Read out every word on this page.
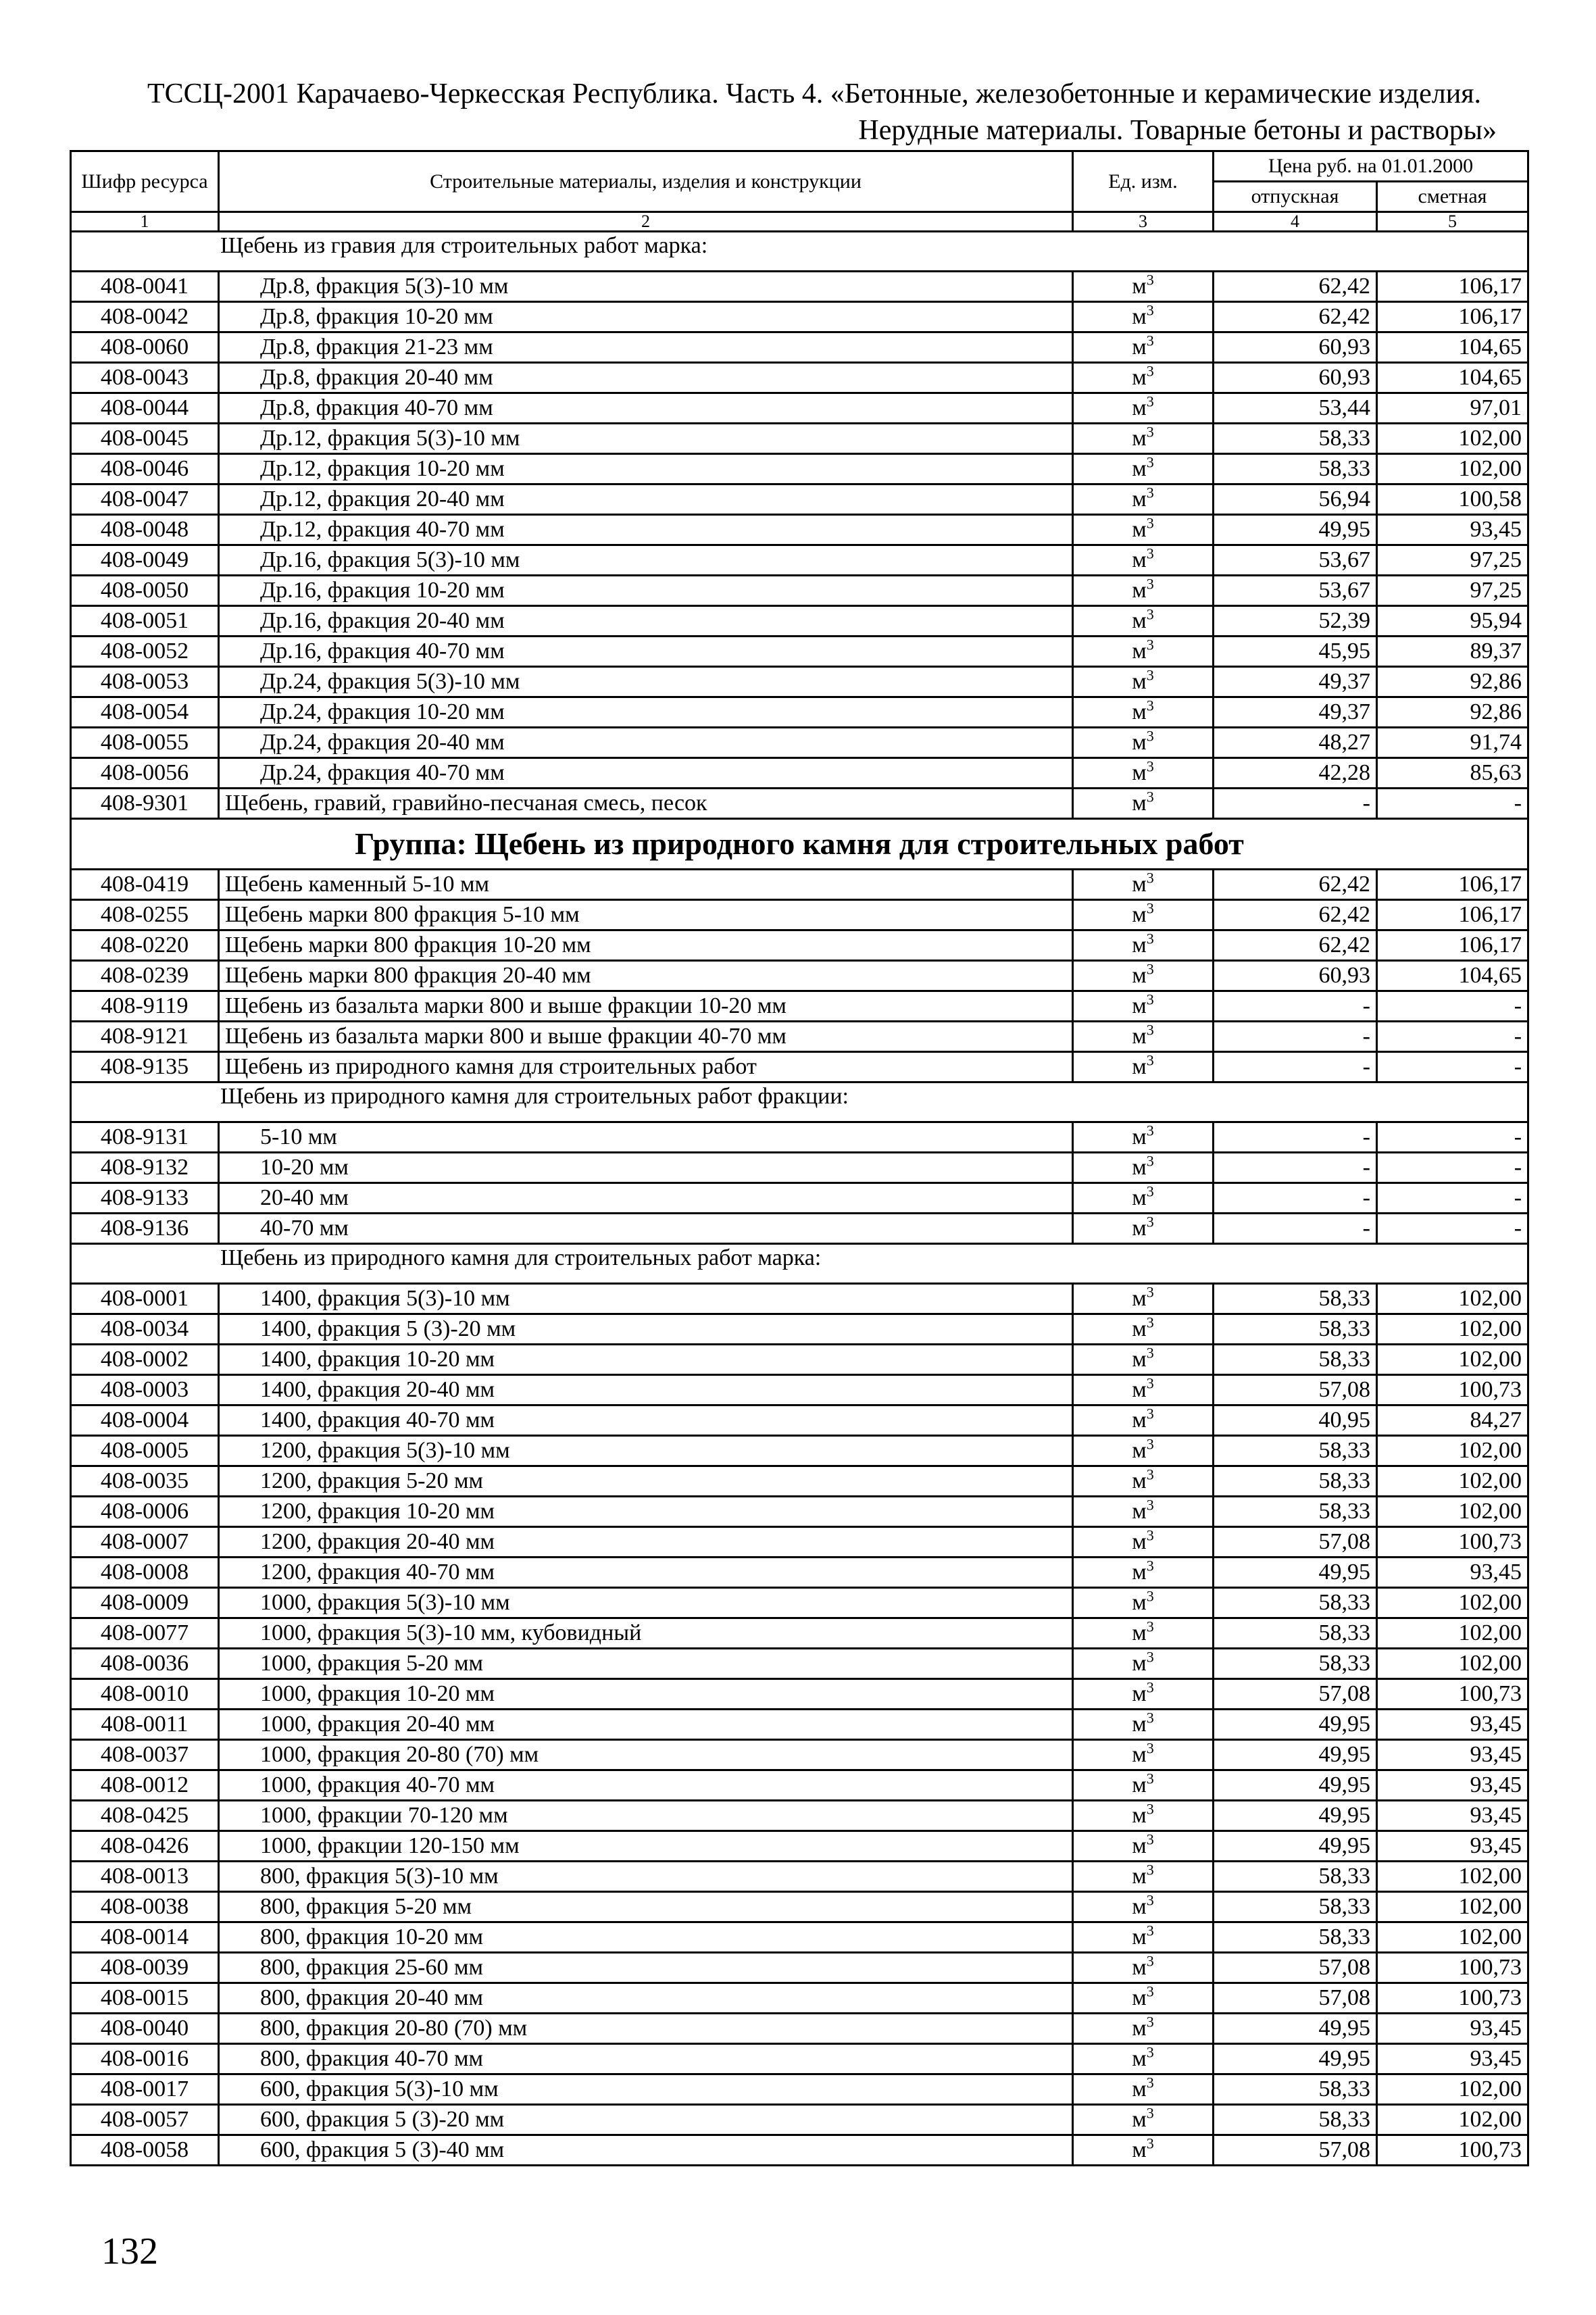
ТССЦ-2001 Карачаево-Черкесская Республика. Часть 4. «Бетонные, железобетонные и керамические изделия.
Нерудные материалы. Товарные бетоны и растворы»
Шифр ресурса	Строительные материалы, изделия и конструкции	Ед. изм.	Цена руб. на 01.01.2000	
			отпускная	сметная
1	2	3	4	5
Щебень из гравия для строительных работ марка:				
408-0041	Др.8, фракция 5(3)-10 мм	$м^3$	62,42	106,17
408-0042	Др.8, фракция 10-20 мм	$м^3$	62,42	106,17
408-0060	Др.8, фракция 21-23 мм	$м^3$	60,93	104,65
408-0043	Др.8, фракция 20-40 мм	$м^3$	60,93	104,65
408-0044	Др.8, фракция 40-70 мм	$м^3$	53,44	97,01
408-0045	Др.12, фракция 5(3)-10 мм	$м^3$	58,33	102,00
408-0046	Др.12, фракция 10-20 мм	$м^3$	58,33	102,00
408-0047	Др.12, фракция 20-40 мм	$м^3$	56,94	100,58
408-0048	Др.12, фракция 40-70 мм	$м^3$	49,95	93,45
408-0049	Др.16, фракция 5(3)-10 мм	$м^3$	53,67	97,25
408-0050	Др.16, фракция 10-20 мм	$м^3$	53,67	97,25
408-0051	Др.16, фракция 20-40 мм	$м^3$	52,39	95,94
408-0052	Др.16, фракция 40-70 мм	$м^3$	45,95	89,37
408-0053	Др.24, фракция 5(3)-10 мм	$м^3$	49,37	92,86
408-0054	Др.24, фракция 10-20 мм	$м^3$	49,37	92,86
408-0055	Др.24, фракция 20-40 мм	$м^3$	48,27	91,74
408-0056	Др.24, фракция 40-70 мм	$м^3$	42,28	85,63
408-9301	Щебень, гравий, гравийно-песчаная смесь, песок	$м^3$	-	-
Группа: Щебень из природного камня для строительных работ				
408-0419	Щебень каменный 5-10 мм	$м^3$	62,42	106,17
408-0255	Щебень марки 800 фракция 5-10 мм	$м^3$	62,42	106,17
408-0220	Щебень марки 800 фракция 10-20 мм	$м^3$	62,42	106,17
408-0239	Щебень марки 800 фракция 20-40 мм	$м^3$	60,93	104,65
408-9119	Щебень из базальта марки 800 и выше фракции 10-20 мм	$м^3$	-	-
408-9121	Щебень из базальта марки 800 и выше фракции 40-70 мм	$м^3$	-	-
408-9135	Щебень из природного камня для строительных работ	$м^3$	-	-
Щебень из природного камня для строительных работ фракции:				
408-9131	5-10 мм	$м^3$	-	-
408-9132	10-20 мм	$м^3$	-	-
408-9133	20-40 мм	$м^3$	-	-
408-9136	40-70 мм	$м^3$	-	-
Щебень из природного камня для строительных работ марка:				
408-0001	1400, фракция 5(3)-10 мм	$м^3$	58,33	102,00
408-0034	1400, фракция 5 (3)-20 мм	$м^3$	58,33	102,00
408-0002	1400, фракция 10-20 мм	$м^3$	58,33	102,00
408-0003	1400, фракция 20-40 мм	$м^3$	57,08	100,73
408-0004	1400, фракция 40-70 мм	$м^3$	40,95	84,27
408-0005	1200, фракция 5(3)-10 мм	$м^3$	58,33	102,00
408-0035	1200, фракция 5-20 мм	$м^3$	58,33	102,00
408-0006	1200, фракция 10-20 мм	$м^3$	58,33	102,00
408-0007	1200, фракция 20-40 мм	$м^3$	57,08	100,73
408-0008	1200, фракция 40-70 мм	$м^3$	49,95	93,45
408-0009	1000, фракция 5(3)-10 мм	$м^3$	58,33	102,00
408-0077	1000, фракция 5(3)-10 мм, кубовидный	$м^3$	58,33	102,00
408-0036	1000, фракция 5-20 мм	$м^3$	58,33	102,00
408-0010	1000, фракция 10-20 мм	$м^3$	57,08	100,73
408-0011	1000, фракция 20-40 мм	$м^3$	49,95	93,45
408-0037	1000, фракция 20-80 (70) мм	$м^3$	49,95	93,45
408-0012	1000, фракция 40-70 мм	$м^3$	49,95	93,45
408-0425	1000, фракции 70-120 мм	$м^3$	49,95	93,45
408-0426	1000, фракции 120-150 мм	$м^3$	49,95	93,45
408-0013	800, фракция 5(3)-10 мм	$м^3$	58,33	102,00
408-0038	800, фракция 5-20 мм	$м^3$	58,33	102,00
408-0014	800, фракция 10-20 мм	$м^3$	58,33	102,00
408-0039	800, фракция 25-60 мм	$м^3$	57,08	100,73
408-0015	800, фракция 20-40 мм	$м^3$	57,08	100,73
408-0040	800, фракция 20-80 (70) мм	$м^3$	49,95	93,45
408-0016	800, фракция 40-70 мм	$м^3$	49,95	93,45
408-0017	600, фракция 5(3)-10 мм	$м^3$	58,33	102,00
408-0057	600, фракция 5 (3)-20 мм	$м^3$	58,33	102,00
408-0058	600, фракция 5 (3)-40 мм	$м^3$	57,08	100,73
132
